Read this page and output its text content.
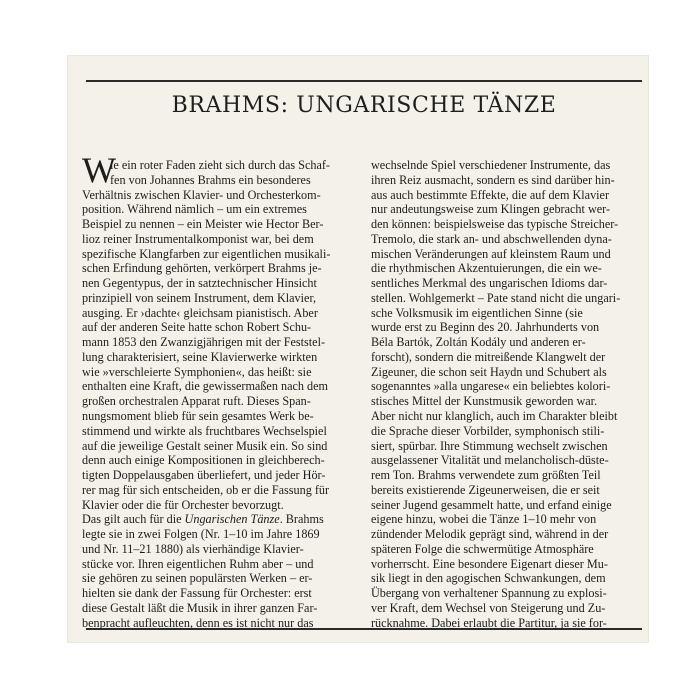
BRAHMS: UNGARISCHE TÄNZE
W
ie ein roter Faden zieht sich durch das Schaf-
fen von Johannes Brahms ein besonderes
Verhältnis zwischen Klavier- und Orchesterkom-
position. Während nämlich – um ein extremes
Beispiel zu nennen – ein Meister wie Hector Ber-
lioz reiner Instrumentalkomponist war, bei dem
spezifische Klangfarben zur eigentlichen musikali-
schen Erfindung gehörten, verkörpert Brahms je-
nen Gegentypus, der in satztechnischer Hinsicht
prinzipiell von seinem Instrument, dem Klavier,
ausging. Er ›dachte‹ gleichsam pianistisch. Aber
auf der anderen Seite hatte schon Robert Schu-
mann 1853 den Zwanzigjährigen mit der Feststel-
lung charakterisiert, seine Klavierwerke wirkten
wie »verschleierte Symphonien«, das heißt: sie
enthalten eine Kraft, die gewissermaßen nach dem
großen orchestralen Apparat ruft. Dieses Span-
nungsmoment blieb für sein gesamtes Werk be-
stimmend und wirkte als fruchtbares Wechselspiel
auf die jeweilige Gestalt seiner Musik ein. So sind
denn auch einige Kompositionen in gleichberech-
tigten Doppelausgaben überliefert, und jeder Hör-
rer mag für sich entscheiden, ob er die Fassung für
Klavier oder die für Orchester bevorzugt.
Das gilt auch für die Ungarischen Tänze. Brahms
legte sie in zwei Folgen (Nr. 1–10 im Jahre 1869
und Nr. 11–21 1880) als vierhändige Klavier-
stücke vor. Ihren eigentlichen Ruhm aber – und
sie gehören zu seinen populärsten Werken – er-
hielten sie dank der Fassung für Orchester: erst
diese Gestalt läßt die Musik in ihrer ganzen Far-
benpracht aufleuchten, denn es ist nicht nur das
wechselnde Spiel verschiedener Instrumente, das
ihren Reiz ausmacht, sondern es sind darüber hin-
aus auch bestimmte Effekte, die auf dem Klavier
nur andeutungsweise zum Klingen gebracht wer-
den können: beispielsweise das typische Streicher-
Tremolo, die stark an- und abschwellenden dyna-
mischen Veränderungen auf kleinstem Raum und
die rhythmischen Akzentuierungen, die ein we-
sentliches Merkmal des ungarischen Idioms dar-
stellen. Wohlgemerkt – Pate stand nicht die ungari-
sche Volksmusik im eigentlichen Sinne (sie
wurde erst zu Beginn des 20. Jahrhunderts von
Béla Bartók, Zoltán Kodály und anderen er-
forscht), sondern die mitreißende Klangwelt der
Zigeuner, die schon seit Haydn und Schubert als
sogenanntes »alla ungarese« ein beliebtes kolori-
stisches Mittel der Kunstmusik geworden war.
Aber nicht nur klanglich, auch im Charakter bleibt
die Sprache dieser Vorbilder, symphonisch stili-
siert, spürbar. Ihre Stimmung wechselt zwischen
ausgelassener Vitalität und melancholisch-düste-
rem Ton. Brahms verwendete zum größten Teil
bereits existierende Zigeunerweisen, die er seit
seiner Jugend gesammelt hatte, und erfand einige
eigene hinzu, wobei die Tänze 1–10 mehr von
zündender Melodik geprägt sind, während in der
späteren Folge die schwermütige Atmosphäre
vorherrscht. Eine besondere Eigenart dieser Mu-
sik liegt in den agogischen Schwankungen, dem
Übergang von verhaltener Spannung zu explosi-
ver Kraft, dem Wechsel von Steigerung und Zu-
rücknahme. Dabei erlaubt die Partitur, ja sie for-
